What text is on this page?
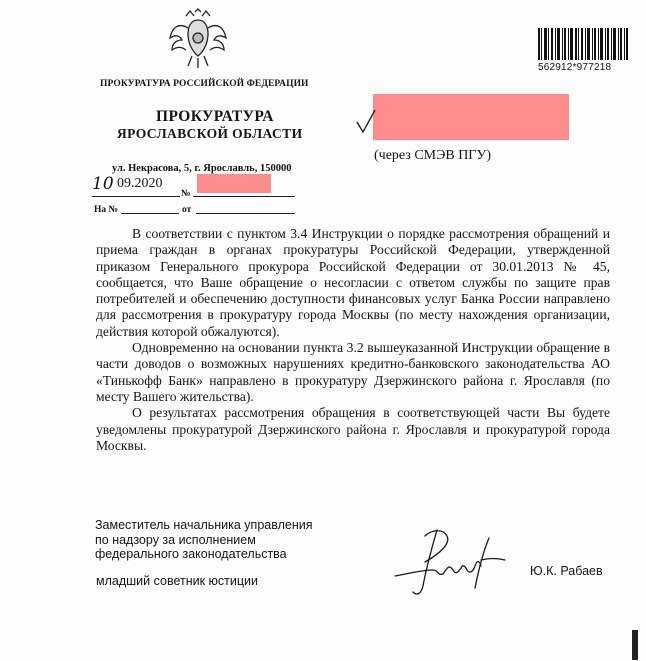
562912*977218
ПРОКУРАТУРА РОССИЙСКОЙ ФЕДЕРАЦИИ
ПРОКУРАТУРА
ЯРОСЛАВСКОЙ ОБЛАСТИ
(через СМЭВ ПГУ)
ул. Некрасова, 5, г. Ярославль, 150000
10 09.2020
№
На №	от

В соответствии с пунктом 3.4 Инструкции о порядке рассмотрения обращений и приема граждан в органах прокуратуры Российской Федерации, утвержденной приказом Генерального прокурора Российской Федерации от 30.01.2013 № 45, сообщается, что Ваше обращение о несогласии с ответом службы по защите прав потребителей и обеспечению доступности финансовых услуг Банка России направлено для рассмотрения в прокуратуру города Москвы (по месту нахождения организации, действия которой обжалуются).

Одновременно на основании пункта 3.2 вышеуказанной Инструкции обращение в части доводов о возможных нарушениях кредитно-банковского законодательства АО «Тинькофф Банк» направлено в прокуратуру Дзержинского района г. Ярославля (по месту Вашего жительства).

О результатах рассмотрения обращения в соответствующей части Вы будете уведомлены прокуратурой Дзержинского района г. Ярославля и прокуратурой города Москвы.

Заместитель начальника управления
по надзору за исполнением
федерального законодательства
младший советник юстиции
Ю.К. Рабаев
